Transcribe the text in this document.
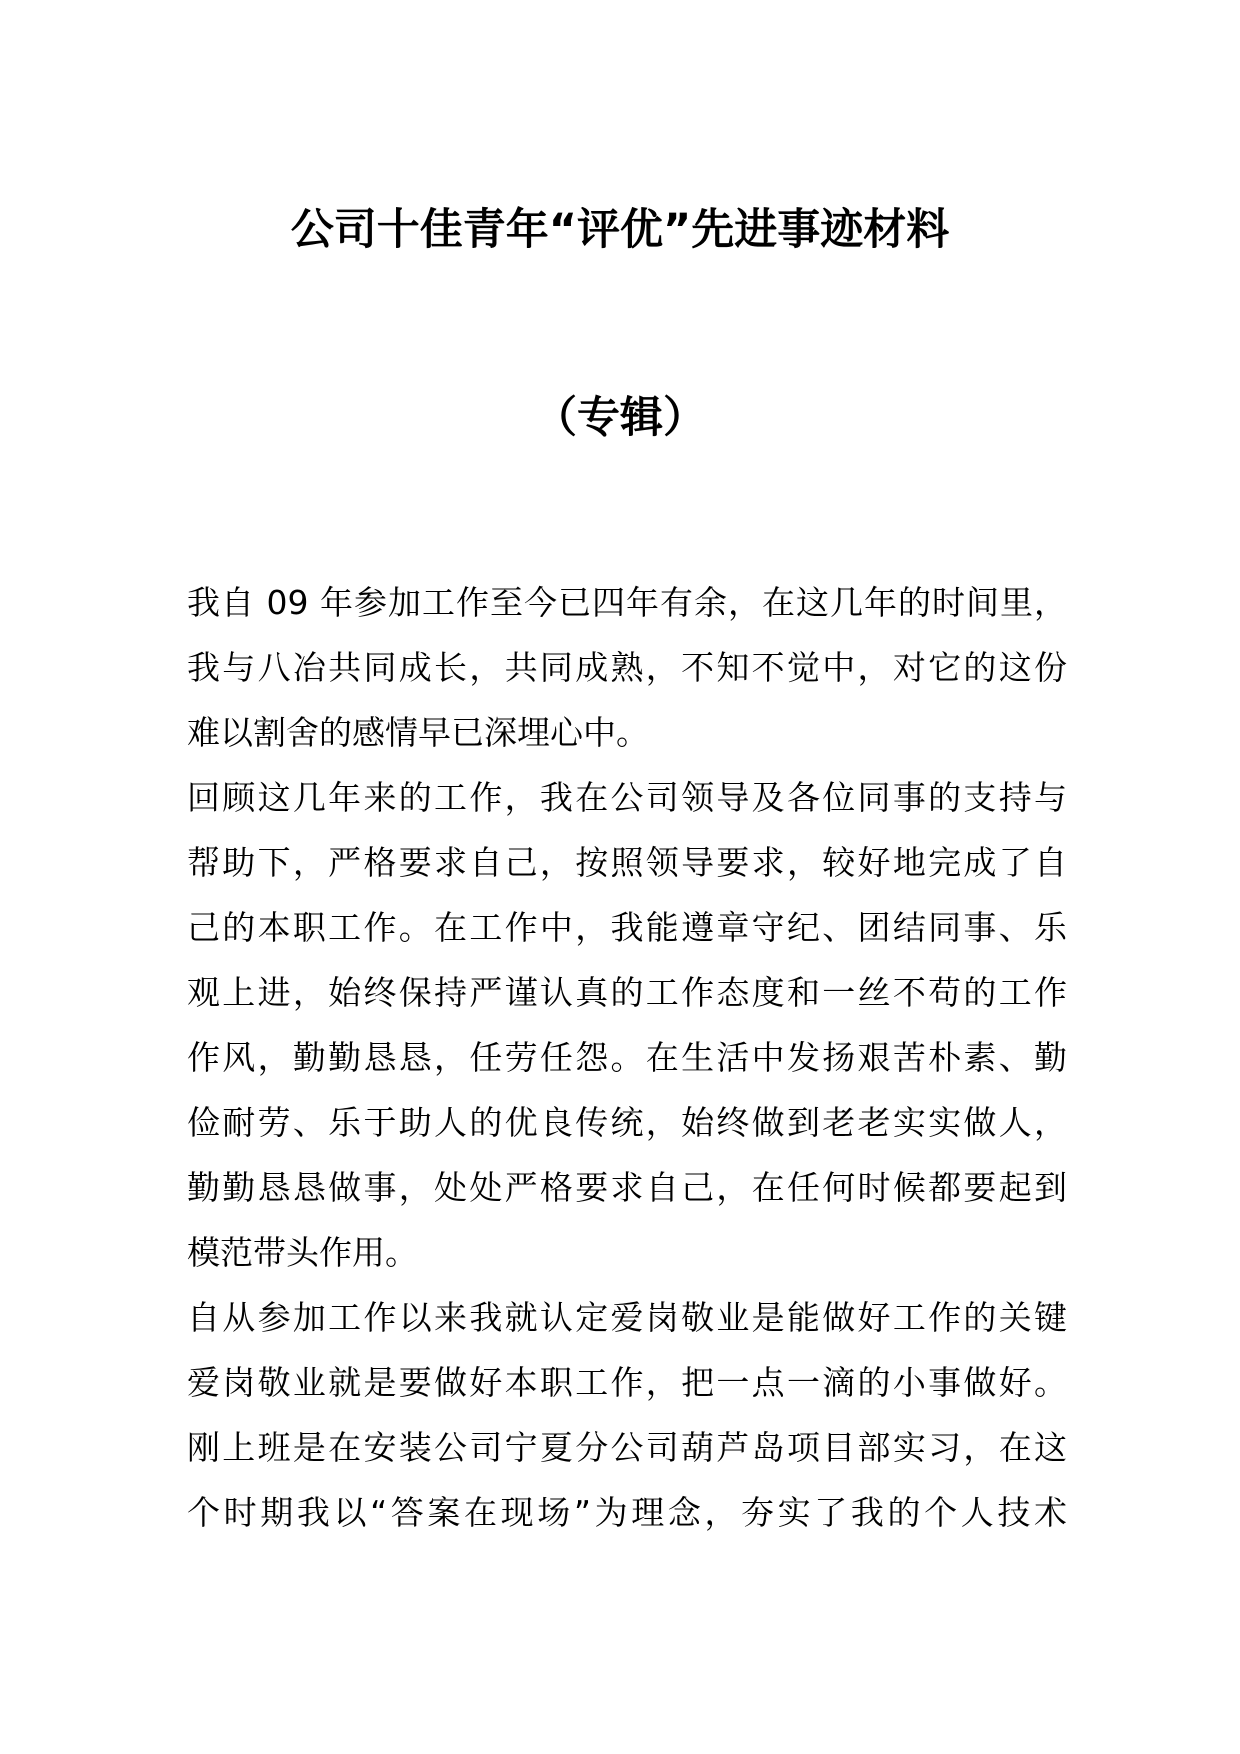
公司十佳青年“评优”先进事迹材料
（专辑）
我自 09 年参加工作至今已四年有余，在这几年的时间里，
我与八冶共同成长，共同成熟，不知不觉中，对它的这份
难以割舍的感情早已深埋心中。
回顾这几年来的工作，我在公司领导及各位同事的支持与
帮助下，严格要求自己，按照领导要求，较好地完成了自
己的本职工作。在工作中，我能遵章守纪、团结同事、乐
观上进，始终保持严谨认真的工作态度和一丝不苟的工作
作风，勤勤恳恳，任劳任怨。在生活中发扬艰苦朴素、勤
俭耐劳、乐于助人的优良传统，始终做到老老实实做人，
勤勤恳恳做事，处处严格要求自己，在任何时候都要起到
模范带头作用。
自从参加工作以来我就认定爱岗敬业是能做好工作的关键
爱岗敬业就是要做好本职工作，把一点一滴的小事做好。
刚上班是在安装公司宁夏分公司葫芦岛项目部实习，在这
个时期我以“答案在现场”为理念，夯实了我的个人技术
